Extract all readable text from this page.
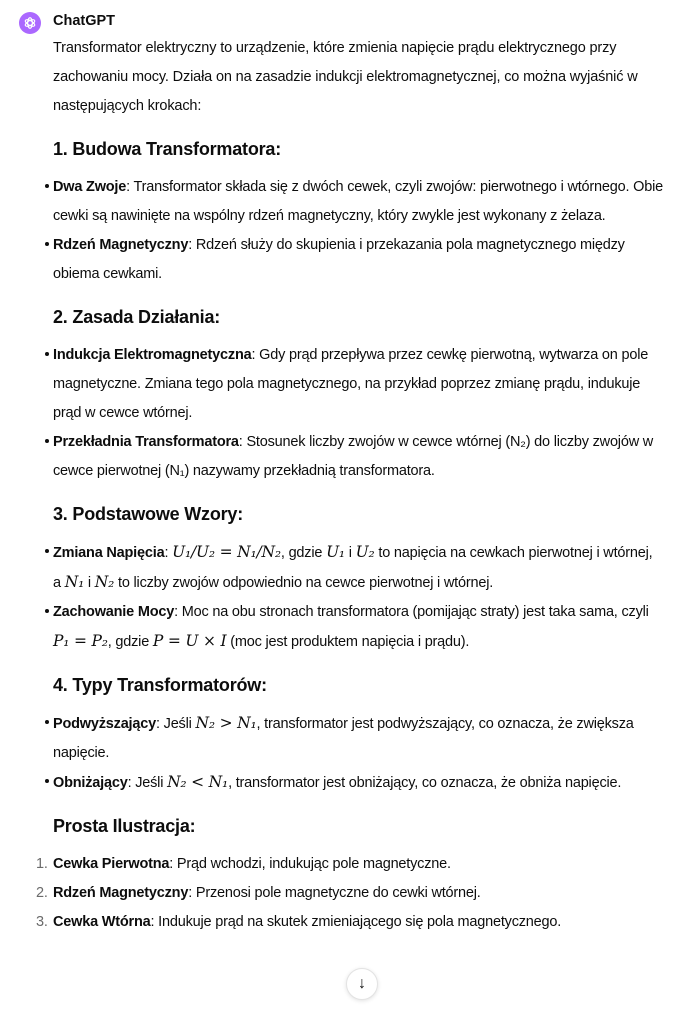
ChatGPT

Transformator elektryczny to urządzenie, które zmienia napięcie prądu elektrycznego przy zachowaniu mocy. Działa on na zasadzie indukcji elektromagnetycznej, co można wyjaśnić w następujących krokach:

1. Budowa Transformatora:
Dwa Zwoje: Transformator składa się z dwóch cewek, czyli zwojów: pierwotnego i wtórnego. Obie cewki są nawinięte na wspólny rdzeń magnetyczny, który zwykle jest wykonany z żelaza.
Rdzeń Magnetyczny: Rdzeń służy do skupienia i przekazania pola magnetycznego między obiema cewkami.
2. Zasada Działania:
Indukcja Elektromagnetyczna: Gdy prąd przepływa przez cewkę pierwotną, wytwarza on pole magnetyczne. Zmiana tego pola magnetycznego, na przykład poprzez zmianę prądu, indukuje prąd w cewce wtórnej.
Przekładnia Transformatora: Stosunek liczby zwojów w cewce wtórnej (N₂) do liczby zwojów w cewce pierwotnej (N₁) nazywamy przekładnią transformatora.
3. Podstawowe Wzory:
Zmiana Napięcia: U₁/U₂ = N₁/N₂, gdzie U₁ i U₂ to napięcia na cewkach pierwotnej i wtórnej, a N₁ i N₂ to liczby zwojów odpowiednio na cewce pierwotnej i wtórnej.
Zachowanie Mocy: Moc na obu stronach transformatora (pomijając straty) jest taka sama, czyli P₁ = P₂, gdzie P = U × I (moc jest produktem napięcia i prądu).
4. Typy Transformatorów:
Podwyższający: Jeśli N₂ > N₁, transformator jest podwyższający, co oznacza, że zwiększa napięcie.
Obniżający: Jeśli N₂ < N₁, transformator jest obniżający, co oznacza, że obniża napięcie.
Prosta Ilustracja:
1. Cewka Pierwotna: Prąd wchodzi, indukując pole magnetyczne.
2. Rdzeń Magnetyczny: Przenosi pole magnetyczne do cewki wtórnej.
3. Cewka Wtórna: Indukuje prąd na skutek zmieniającego się pola magnetycznego.
↓
